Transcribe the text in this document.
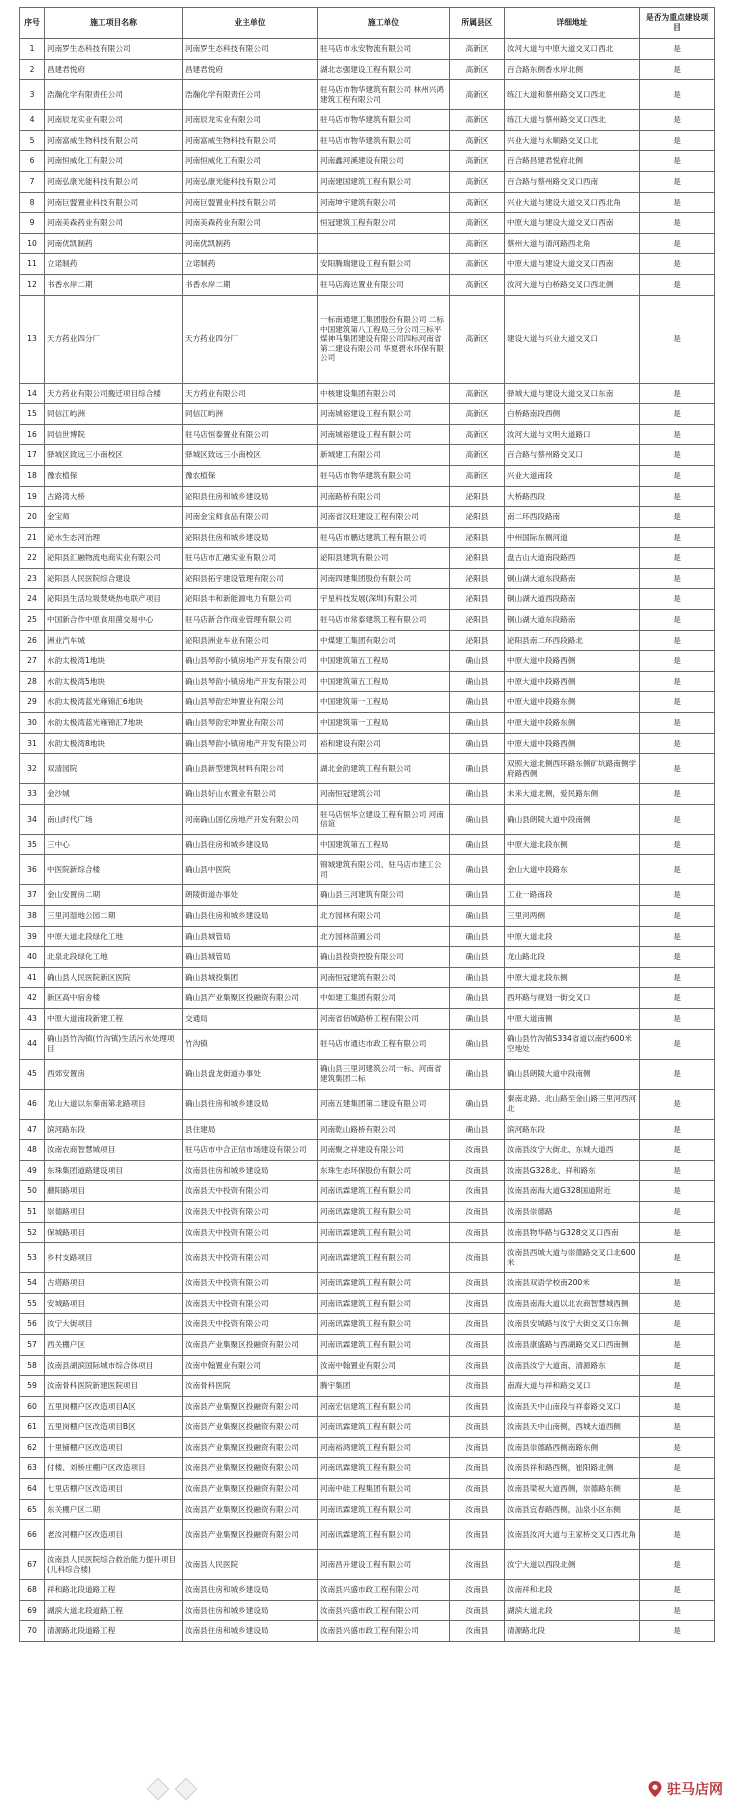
序号	施工项目名称	业主单位	施工单位	所属县区	详细地址	是否为重点建设项目
1	河南罗生态科技有限公司	河南罗生态科技有限公司	驻马店市永安物流有限公司	高新区	汝河大道与中原大道交叉口西北	是
2	昌建君悦府	昌建君悦府	湖北志强建设工程有限公司	高新区	百合路东侧香水岸北侧	是
3	浩瀚化学有限责任公司	浩瀚化学有限责任公司	驻马店市物华建筑有限公司 林州兴鸿建筑工程有限公司	高新区	练江大道和蔡州路交叉口西北	是
4	河南辰龙实业有限公司	河南辰龙实业有限公司	驻马店市物华建筑有限公司	高新区	练江大道与蔡州路交叉口西北	是
5	河南富威生物科技有限公司	河南富威生物科技有限公司	驻马店市物华建筑有限公司	高新区	兴业大道与永顺路交叉口北	是
6	河南恒威化工有限公司	河南恒威化工有限公司	河南鑫河溪建设有限公司	高新区	百合路昌建君悦府北侧	是
7	河南弘康光能科技有限公司	河南弘康光能科技有限公司	河南建国建筑工程有限公司	高新区	百合路与蔡州路交叉口西南	是
8	河南巨盟置业科技有限公司	河南巨盟置业科技有限公司	河南坤宇建筑有限公司	高新区	兴业大道与建设大道交叉口西北角	是
9	河南美森药业有限公司	河南美森药业有限公司	恒冠建筑工程有限公司	高新区	中原大道与建设大道交叉口西南	是
10	河南优凯制药	河南优凯制药		高新区	蔡州大道与清河路西北角	是
11	立诺制药	立诺制药	安阳腾瑞建设工程有限公司	高新区	中原大道与建设大道交叉口西南	是
12	书香水岸二期	书香水岸二期	驻马店海达置业有限公司	高新区	汝河大道与白桥路交叉口西北侧	是
13	天方药业四分厂	天方药业四分厂	一标南通建工集团股份有限公司 二标中国建筑第八工程局三分公司三标平煤神马集团建设有限公司四标河南省第二建设有限公司 华夏碧水环保有限公司	高新区	建设大道与兴业大道交叉口	是
14	天方药业有限公司搬迁项目综合楼	天方药业有限公司	中核建设集团有限公司	高新区	驿城大道与建设大道交叉口东南	是
15	同信江屿洲	同信江屿洲	河南城裕建设工程有限公司	高新区	白桥路南段西侧	是
16	同信世博院	驻马店恒泰置业有限公司	河南城裕建设工程有限公司	高新区	汝河大道与文明大道路口	是
17	驿城区致远三小南校区	驿城区致远三小南校区	新城建工有限公司	高新区	百合路与蔡州路交叉口	是
18	豫农植保	豫农植保	驻马店市物华建筑有限公司	高新区	兴业大道南段	是
19	古路湾大桥	泌阳县住房和城乡建设局	河南路桥有限公司	泌阳县	大桥路西段	是
20	金宝师	河南金宝师食品有限公司	河南省汉旺建设工程有限公司	泌阳县	南二环西段路南	是
21	泌水生态河治理	泌阳县住房和城乡建设局	驻马店市鹏达建筑工程有限公司	泌阳县	中州国际东侧河道	是
22	泌阳县汇融物流电商实业有限公司	驻马店市汇融实业有限公司	泌阳县建筑有限公司	泌阳县	盘古山大道南段路西	是
23	泌阳县人民医院综合建设	泌阳县拓宇建设管理有限公司	河南四建集团股份有限公司	泌阳县	铜山湖大道东段路南	是
24	泌阳县生活垃圾焚烧热电联产项目	泌阳县丰和新能源电力有限公司	宇星科技发展(深圳)有限公司	泌阳县	铜山湖大道西段路南	是
25	中国新合作中原食用菌交易中心	驻马店新合作商业管理有限公司	驻马店市常泰建筑工程有限公司	泌阳县	铜山湖大道东段路南	是
26	洲业汽车城	泌阳县洲业车业有限公司	中煤建工集团有限公司	泌阳县	泌阳县南二环西段路北	是
27	水韵太极湾1地块	确山县琴韵小镇房地产开发有限公司	中国建筑第五工程局	确山县	中原大道中段路西侧	是
28	水韵太极湾5地块	确山县琴韵小镇房地产开发有限公司	中国建筑第五工程局	确山县	中原大道中段路西侧	是
29	水韵太极湾蓝光雍锦汇6地块	确山县琴韵宏坤置业有限公司	中国建筑第一工程局	确山县	中原大道中段路东侧	是
30	水韵太极湾蓝光雍锦汇7地块	确山县琴韵宏坤置业有限公司	中国建筑第一工程局	确山县	中原大道中段路东侧	是
31	水韵太极湾8地块	确山县琴韵小镇房地产开发有限公司	裕和建设有限公司	确山县	中原大道中段路西侧	是
32	双清园院	确山县新型建筑材料有限公司	湖北金韵建筑工程有限公司	确山县	双照大道北侧西环路东侧矿坑路南侧学府路西侧	是
33	金沙城	确山县好山水置业有限公司	河南恒冠建筑公司	确山县	未来大道北侧，爱民路东侧	是
34	南山时代广场	河南确山国亿房地产开发有限公司	驻马店恒华立建设工程有限公司 河南信谊	确山县	确山县朗陵大道中段南侧	是
35	三中心	确山县住房和城乡建设局	中国建筑第五工程局	确山县	中原大道北段东侧	是
36	中医院新综合楼	确山县中医院	锦城建筑有限公司、驻马店市建工公司	确山县	金山大道中段路东	是
37	金山安置房二期	朗陵街道办事处	确山县三河建筑有限公司	确山县	工业一路南段	是
38	三里河湿地公园二期	确山县住房和城乡建设局	北方园林有限公司	确山县	三里河两侧	是
39	中原大道北段绿化工地	确山县城管局	北方园林苗圃公司	确山县	中原大道北段	是
40	北泉北段绿化工地	确山县城管局	确山县投资控股有限公司	确山县	龙山路北段	是
41	确山县人民医院新区医院	确山县城投集团	河南恒冠建筑有限公司	确山县	中原大道北段东侧	是
42	新区高中宿舍楼	确山县产业集聚区投融资有限公司	中如建工集团有限公司	确山县	西环路与规划一街交叉口	是
43	中原大道南段新建工程	交通局	河南省佰城路桥工程有限公司	确山县	中原大道南侧	是
44	确山县竹沟镇(竹沟镇)生活污水处理项目	竹沟镇	驻马店市通达市政工程有限公司	确山县	确山县竹沟镇S334省道以南约600米空地处	是
45	西郊安置房	确山县盘龙街道办事处	确山县三里河建筑公司一标、河南省建筑集团二标	确山县	确山县朗陵大道中段南侧	是
46	龙山大道以东秦南第北路项目	确山县住房和城乡建设局	河南五建集团第二建设有限公司	确山县	秦南北路、北山路至金山路三里河西河北	是
47	滨河路东段	县住建局	河南乾山路桥有限公司	确山县	滨河路东段	是
48	汝南农商智慧城项目	驻马店市中合正信市场建设有限公司	河南聚之祥建设有限公司	汝南县	汝南县汝宁大街北、东城大道西	是
49	东珠集团道路建设项目	汝南县住房和城乡建设局	东珠生态环保股份有限公司	汝南县	汝南县G328北、祥和路东	是
50	蘑阳路项目	汝南县天中投资有限公司	河南讯霖建筑工程有限公司	汝南县	汝南县南海大道G328国道附近	是
51	崇德路项目	汝南县天中投资有限公司	河南讯霖建筑工程有限公司	汝南县	汝南县崇德路	是
52	保城路项目	汝南县天中投资有限公司	河南讯霖建筑工程有限公司	汝南县	汝南县物华路与G328交叉口西南	是
53	乡村支路项目	汝南县天中投资有限公司	河南讯霖建筑工程有限公司	汝南县	汝南县西城大道与崇德路交叉口北600米	是
54	古塔路项目	汝南县天中投资有限公司	河南讯霖建筑工程有限公司	汝南县	汝南县双语学校南200米	是
55	安城路项目	汝南县天中投资有限公司	河南讯霖建筑工程有限公司	汝南县	汝南县南海大道以北农商智慧城西侧	是
56	汝宁大街项目	汝南县天中投资有限公司	河南讯霖建筑工程有限公司	汝南县	汝南县安城路与汝宁大街交叉口东侧	是
57	西关棚户区	汝南县产业集聚区投融资有限公司	河南讯霖建筑工程有限公司	汝南县	汝南县康盛路与西湖路交叉口西南侧	是
58	汝南县湖滨国际城市综合体项目	汝南中翰置业有限公司	汝南中翰置业有限公司	汝南县	汝南县汝宁大道南、清源路东	是
59	汝南骨科医院新建医院项目	汝南骨科医院	腾宇集团	汝南县	南海大道与祥和路交叉口	是
60	五里岗棚户区改造项目A区	汝南县产业集聚区投融资有限公司	河南宏信建筑工程有限公司	汝南县	汝南县天中山南段与祥泰路交叉口	是
61	五里岗棚户区改造项目B区	汝南县产业集聚区投融资有限公司	河南讯霖建筑工程有限公司	汝南县	汝南县天中山南侧，西城大道西侧	是
62	十里铺棚户区改造项目	汝南县产业集聚区投融资有限公司	河南裕鸿建筑工程有限公司	汝南县	汝南县崇德路西侧南路东侧	是
63	付楼、刘桥庄棚户区改造项目	汝南县产业集聚区投融资有限公司	河南讯霖建筑工程有限公司	汝南县	汝南县祥和路西侧，崔阳路北侧	是
64	七里店棚户区改造项目	汝南县产业集聚区投融资有限公司	河南中硅工程集团有限公司	汝南县	汝南县梁祝大道西侧，崇德路东侧	是
65	东关棚户区二期	汝南县产业集聚区投融资有限公司	河南讯霖建筑工程有限公司	汝南县	汝南县宜春路西侧，汕泉小区东侧	是
66	老汝河棚户区改造项目	汝南县产业集聚区投融资有限公司	河南讯霖建筑工程有限公司	汝南县	汝南县汝河大道与王家桥交叉口西北角	是
67	汝南县人民医院综合救治能力提升项目(儿科综合楼)	汝南县人民医院	河南昌升建设工程有限公司	汝南县	汝宁大道以西段北侧	是
68	祥和路北段道路工程	汝南县住房和城乡建设局	汝南县兴盛市政工程有限公司	汝南县	汝南祥和北段	是
69	湖滨大道北段道路工程	汝南县住房和城乡建设局	汝南县兴盛市政工程有限公司	汝南县	湖滨大道北段	是
70	清源路北段道路工程	汝南县住房和城乡建设局	汝南县兴盛市政工程有限公司	汝南县	清源路北段	是
驻马店网
